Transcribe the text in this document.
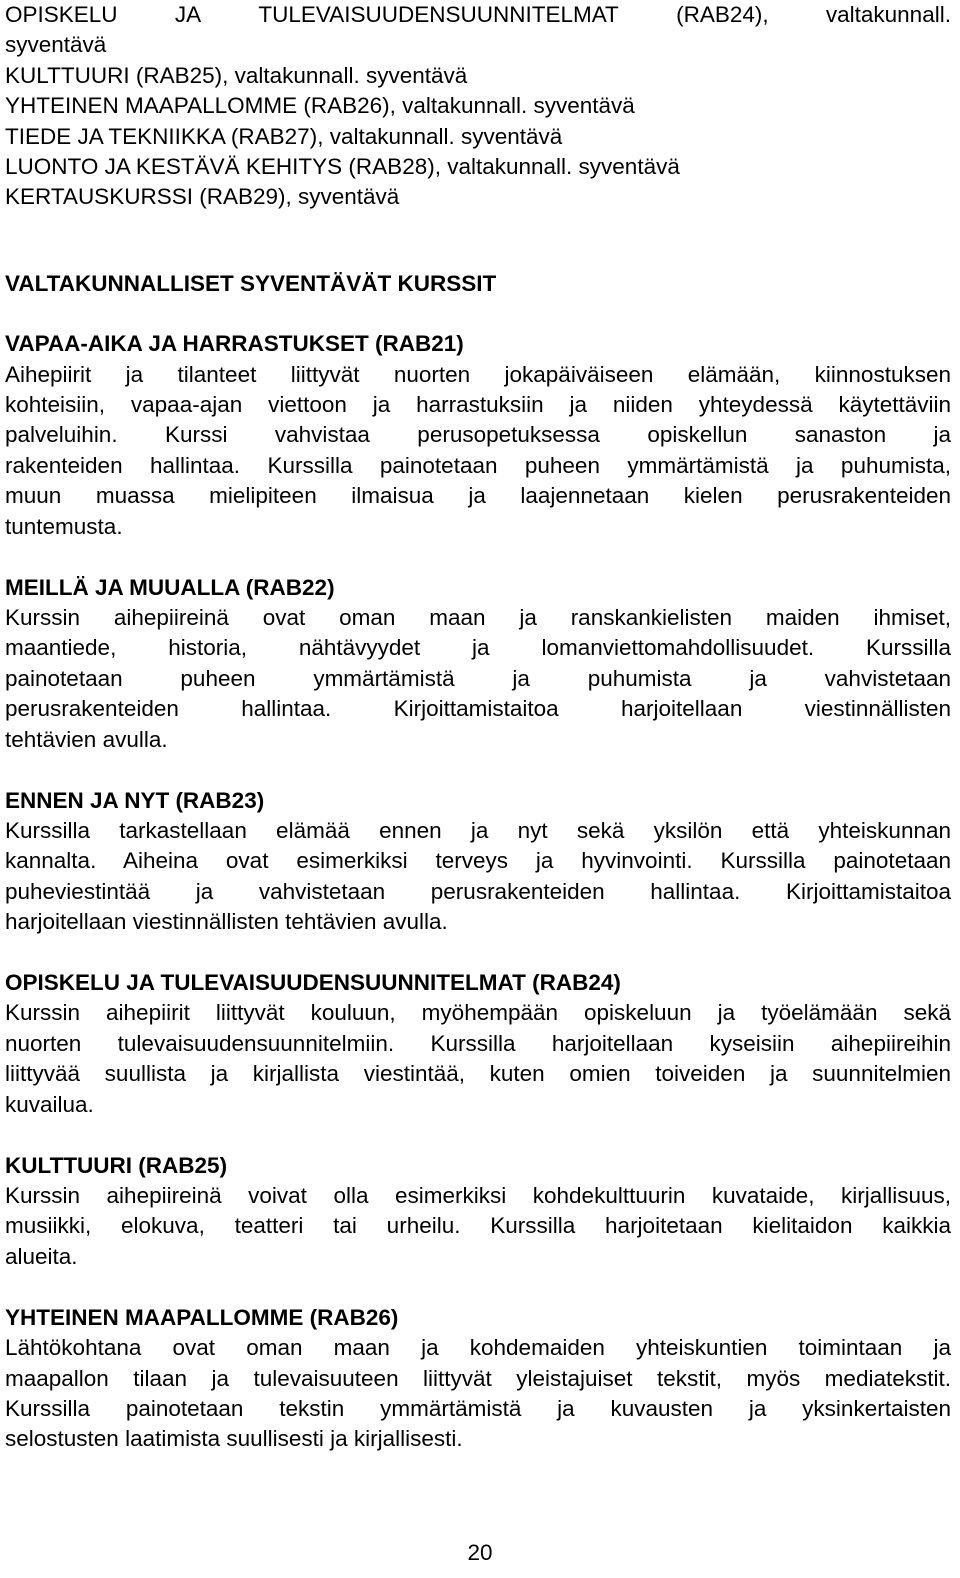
OPISKELU	JA	TULEVAISUUDENSUUNNITELMAT	(RAB24),	valtakunnall.
syventävä
KULTTUURI (RAB25), valtakunnall. syventävä
YHTEINEN MAAPALLOMME (RAB26), valtakunnall. syventävä
TIEDE JA TEKNIIKKA (RAB27), valtakunnall. syventävä
LUONTO JA KESTÄVÄ KEHITYS (RAB28), valtakunnall. syventävä
KERTAUSKURSSI (RAB29), syventävä
VALTAKUNNALLISET SYVENTÄVÄT KURSSIT
VAPAA-AIKA JA HARRASTUKSET (RAB21)
Aihepiirit ja tilanteet liittyvät nuorten jokapäiväiseen elämään, kiinnostuksen
kohteisiin, vapaa-ajan viettoon ja harrastuksiin ja niiden yhteydessä käytettäviin
palveluihin. Kurssi vahvistaa perusopetuksessa opiskellun sanaston ja
rakenteiden hallintaa. Kurssilla painotetaan puheen ymmärtämistä ja puhumista,
muun muassa mielipiteen ilmaisua ja laajennetaan kielen perusrakenteiden
tuntemusta.
MEILLÄ JA MUUALLA (RAB22)
Kurssin aihepiireinä ovat oman maan ja ranskankielisten maiden ihmiset,
maantiede, historia, nähtävyydet ja lomanviettomahdollisuudet. Kurssilla
painotetaan puheen ymmärtämistä ja puhumista ja vahvistetaan
perusrakenteiden hallintaa. Kirjoittamistaitoa harjoitellaan viestinnällisten
tehtävien avulla.
ENNEN JA NYT (RAB23)
Kurssilla tarkastellaan elämää ennen ja nyt sekä yksilön että yhteiskunnan
kannalta. Aiheina ovat esimerkiksi terveys ja hyvinvointi. Kurssilla painotetaan
puheviestintää ja vahvistetaan perusrakenteiden hallintaa. Kirjoittamistaitoa
harjoitellaan viestinnällisten tehtävien avulla.
OPISKELU JA TULEVAISUUDENSUUNNITELMAT (RAB24)
Kurssin aihepiirit liittyvät kouluun, myöhempään opiskeluun ja työelämään sekä
nuorten tulevaisuudensuunnitelmiin. Kurssilla harjoitellaan kyseisiin aihepiireihin
liittyvää suullista ja kirjallista viestintää, kuten omien toiveiden ja suunnitelmien
kuvailua.
KULTTUURI (RAB25)
Kurssin aihepiireinä voivat olla esimerkiksi kohdekulttuurin kuvataide, kirjallisuus,
musiikki, elokuva, teatteri tai urheilu. Kurssilla harjoitetaan kielitaidon kaikkia
alueita.
YHTEINEN MAAPALLOMME (RAB26)
Lähtökohtana ovat oman maan ja kohdemaiden yhteiskuntien toimintaan ja
maapallon tilaan ja tulevaisuuteen liittyvät yleistajuiset tekstit, myös mediatekstit.
Kurssilla painotetaan tekstin ymmärtämistä ja kuvausten ja yksinkertaisten
selostusten laatimista suullisesti ja kirjallisesti.
20
